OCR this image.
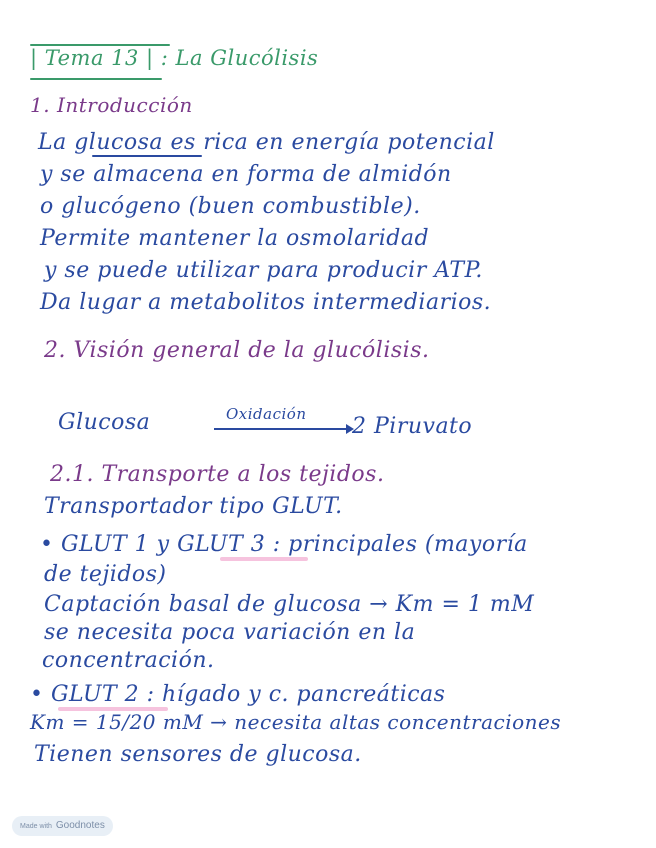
| Tema 13 | : La Glucólisis
1. Introducción
La glucosa es rica en energía potencial
y se almacena en forma de almidón
o glucógeno (buen combustible).
Permite mantener la osmolaridad
y se puede utilizar para producir ATP.
Da lugar a metabolitos intermediarios.
2. Visión general de la glucólisis.
Glucosa	Oxidación 2 Piruvato
2.1. Transporte a los tejidos.
Transportador tipo GLUT.
• GLUT 1 y GLUT 3 : principales (mayoría
de tejidos)
Captación basal de glucosa → Km = 1 mM
se necesita poca variación en la
concentración.
• GLUT 2 : hígado y c. pancreáticas
Km = 15/20 mM → necesita altas concentraciones
Tienen sensores de glucosa.
Made with Goodnotes
